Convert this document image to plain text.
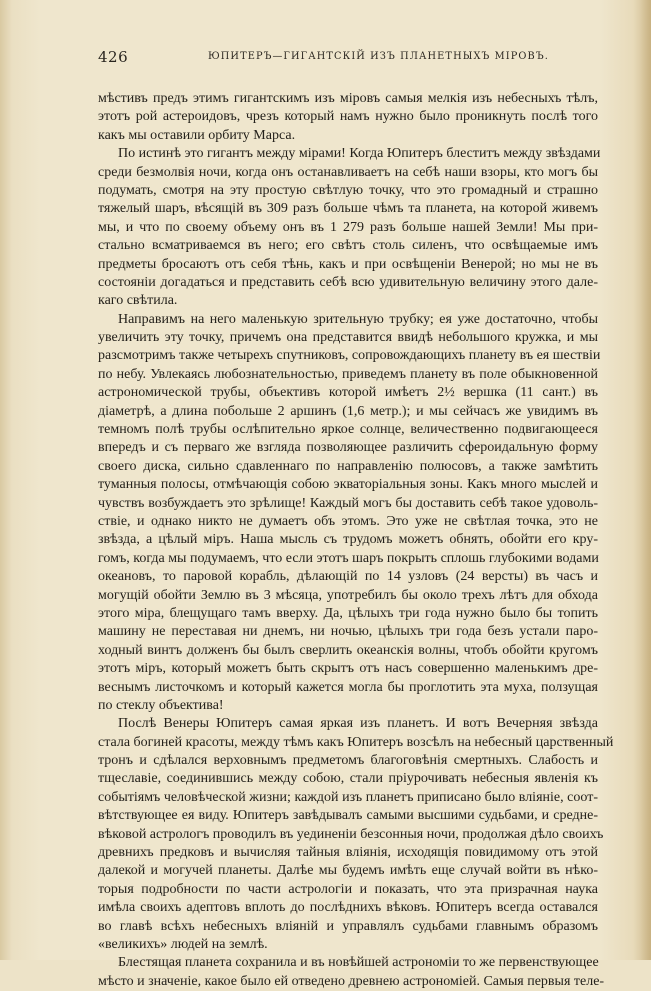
426	ЮПИТЕРЪ—ГИГАНТСКІЙ ИЗЪ ПЛАНЕТНЫХЪ МІРОВЪ.
мѣстивъ предъ этимъ гигантскимъ изъ міровъ самыя мелкія изъ небесныхъ тѣлъ,
этотъ рой астероидовъ, чрезъ который намъ нужно было проникнуть послѣ того
какъ мы оставили орбиту Марса.
По истинѣ это гигантъ между мірами! Когда Юпитеръ блеститъ между звѣздами
среди безмолвія ночи, когда онъ останавливаетъ на себѣ наши взоры, кто могъ бы
подумать, смотря на эту простую свѣтлую точку, что это громадный и страшно
тяжелый шаръ, вѣсящій въ 309 разъ больше чѣмъ та планета, на которой живемъ
мы, и что по своему объему онъ въ 1 279 разъ больше нашей Земли! Мы при-
стально всматриваемся въ него; его свѣтъ столь силенъ, что освѣщаемые имъ
предметы бросаютъ отъ себя тѣнь, какъ и при освѣщеніи Венерой; но мы не въ
состояніи догадаться и представить себѣ всю удивительную величину этого дале-
каго свѣтила.
Направимъ на него маленькую зрительную трубку; ея уже достаточно, чтобы
увеличить эту точку, причемъ она представится ввидѣ небольшого кружка, и мы
разсмотримъ также четырехъ спутниковъ, сопровождающихъ планету въ ея шествіи
по небу. Увлекаясь любознательностью, приведемъ планету въ поле обыкновенной
астрономической трубы, объективъ которой имѣетъ 2½ вершка (11 сант.) въ
діаметрѣ, а длина побольше 2 аршинъ (1,6 метр.); и мы сейчасъ же увидимъ въ
темномъ полѣ трубы ослѣпительно яркое солнце, величественно подвигающееся
впередъ и съ перваго же взгляда позволяющее различить сфероидальную форму
своего диска, сильно сдавленнаго по направленію полюсовъ, а также замѣтить
туманныя полосы, отмѣчающія собою экваторіальныя зоны. Какъ много мыслей и
чувствъ возбуждаетъ это зрѣлище! Каждый могъ бы доставить себѣ такое удоволь-
ствіе, и однако никто не думаетъ объ этомъ. Это уже не свѣтлая точка, это не
звѣзда, а цѣлый міръ. Наша мысль съ трудомъ можетъ обнять, обойти его кру-
гомъ, когда мы подумаемъ, что если этотъ шаръ покрыть сплошь глубокими водами
океановъ, то паровой корабль, дѣлающій по 14 узловъ (24 версты) въ часъ и
могущій обойти Землю въ 3 мѣсяца, употребилъ бы около трехъ лѣтъ для обхода
этого міра, блещущаго тамъ вверху. Да, цѣлыхъ три года нужно было бы топить
машину не переставая ни днемъ, ни ночью, цѣлыхъ три года безъ устали паро-
ходный винтъ долженъ бы былъ сверлить океанскія волны, чтобъ обойти кругомъ
этотъ міръ, который можетъ быть скрытъ отъ насъ совершенно маленькимъ дре-
веснымъ листочкомъ и который кажется могла бы проглотить эта муха, ползущая
по стеклу объектива!
Послѣ Венеры Юпитеръ самая яркая изъ планетъ. И вотъ Вечерняя звѣзда
стала богиней красоты, между тѣмъ какъ Юпитеръ возсѣлъ на небесный царственный
тронъ и сдѣлался верховнымъ предметомъ благоговѣнія смертныхъ. Слабость и
тщеславіе, соединившись между собою, стали пріурочивать небесныя явленія къ
событіямъ человѣческой жизни; каждой изъ планетъ приписано было вліяніе, соот-
вѣтствующее ея виду. Юпитеръ завѣдывалъ самыми высшими судьбами, и средне-
вѣковой астрологъ проводилъ въ уединеніи безсонныя ночи, продолжая дѣло своихъ
древнихъ предковъ и вычисляя тайныя вліянія, исходящія повидимому отъ этой
далекой и могучей планеты. Далѣе мы будемъ имѣть еще случай войти въ нѣко-
торыя подробности по части астрологіи и показать, что эта призрачная наука
имѣла своихъ адептовъ вплоть до послѣднихъ вѣковъ. Юпитеръ всегда оставался
во главѣ всѣхъ небесныхъ вліяній и управлялъ судьбами главнымъ образомъ
«великихъ» людей на землѣ.
Блестящая планета сохранила и въ новѣйшей астрономіи то же первенствующее
мѣсто и значеніе, какое было ей отведено древнею астрономіей. Самыя первыя теле-
